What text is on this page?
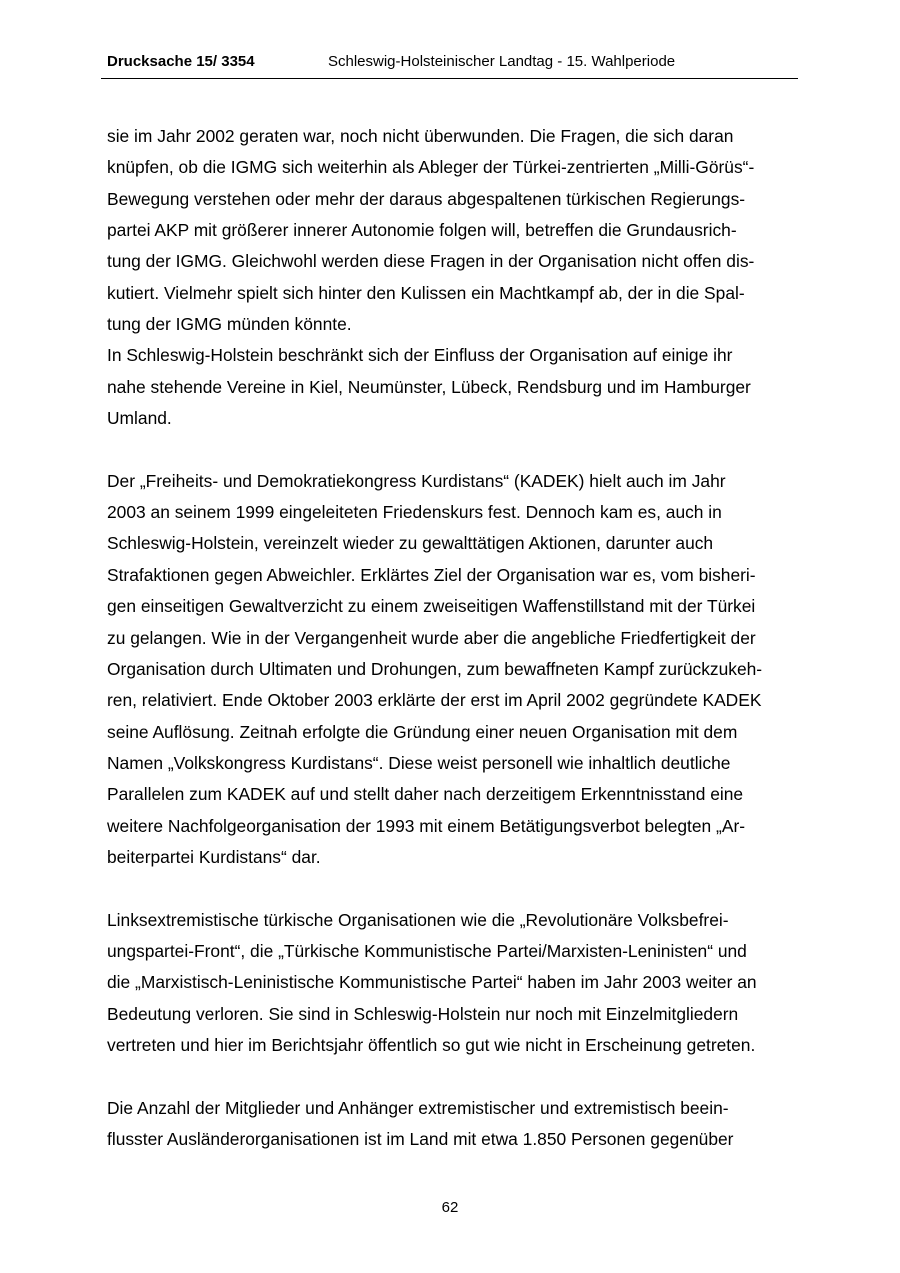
Drucksache 15/ 3354	Schleswig-Holsteinischer Landtag - 15. Wahlperiode
sie im Jahr 2002 geraten war, noch nicht überwunden. Die Fragen, die sich daran
knüpfen, ob die IGMG sich weiterhin als Ableger der Türkei-zentrierten „Milli-Görüs“-
Bewegung verstehen oder mehr der daraus abgespaltenen türkischen Regierungs-
partei AKP mit größerer innerer Autonomie folgen will, betreffen die Grundausrich-
tung der IGMG. Gleichwohl werden diese Fragen in der Organisation nicht offen dis-
kutiert. Vielmehr spielt sich hinter den Kulissen ein Machtkampf ab, der in die Spal-
tung der IGMG münden könnte.
In Schleswig-Holstein beschränkt sich der Einfluss der Organisation auf einige ihr
nahe stehende Vereine in Kiel, Neumünster, Lübeck, Rendsburg und im Hamburger
Umland.
Der „Freiheits- und Demokratiekongress Kurdistans“ (KADEK) hielt auch im Jahr
2003 an seinem 1999 eingeleiteten Friedenskurs fest. Dennoch kam es, auch in
Schleswig-Holstein, vereinzelt wieder zu gewalttätigen Aktionen, darunter auch
Strafaktionen gegen Abweichler. Erklärtes Ziel der Organisation war es, vom bisheri-
gen einseitigen Gewaltverzicht zu einem zweiseitigen Waffenstillstand mit der Türkei
zu gelangen. Wie in der Vergangenheit wurde aber die angebliche Friedfertigkeit der
Organisation durch Ultimaten und Drohungen, zum bewaffneten Kampf zurückzukeh-
ren, relativiert. Ende Oktober 2003 erklärte der erst im April 2002 gegründete KADEK
seine Auflösung. Zeitnah erfolgte die Gründung einer neuen Organisation mit dem
Namen „Volkskongress Kurdistans“. Diese weist personell wie inhaltlich deutliche
Parallelen zum KADEK auf und stellt daher nach derzeitigem Erkenntnisstand eine
weitere Nachfolgeorganisation der 1993 mit einem Betätigungsverbot belegten „Ar-
beiterpartei Kurdistans“ dar.
Linksextremistische türkische Organisationen wie die „Revolutionäre Volksbefrei-
ungspartei-Front“, die „Türkische Kommunistische Partei/Marxisten-Leninisten“ und
die „Marxistisch-Leninistische Kommunistische Partei“ haben im Jahr 2003 weiter an
Bedeutung verloren. Sie sind in Schleswig-Holstein nur noch mit Einzelmitgliedern
vertreten und hier im Berichtsjahr öffentlich so gut wie nicht in Erscheinung getreten.
Die Anzahl der Mitglieder und Anhänger extremistischer und extremistisch beein-
flusster Ausländerorganisationen ist im Land mit etwa 1.850 Personen gegenüber
62
